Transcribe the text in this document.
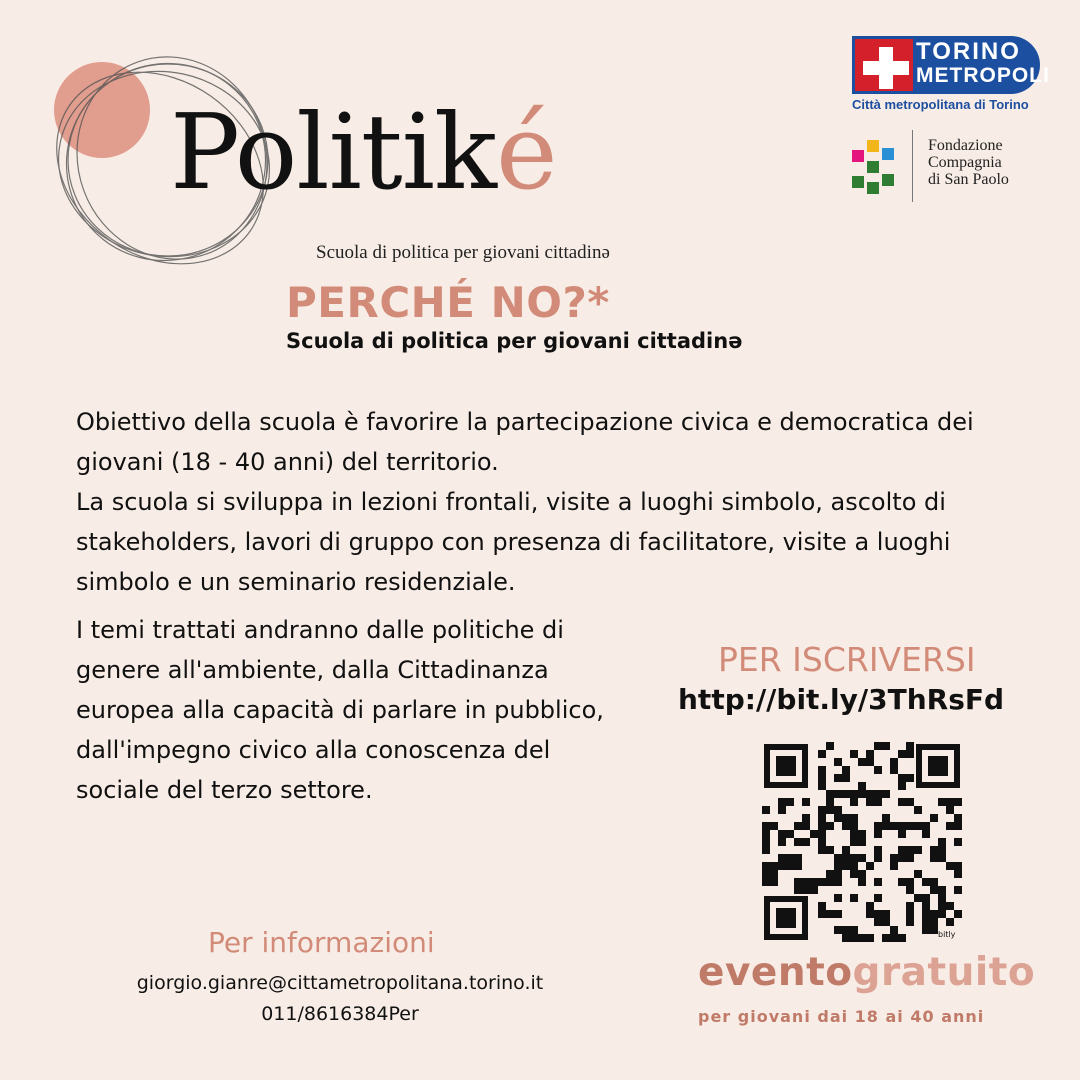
Politiké
Scuola di politica per giovani cittadinə
PERCHÉ NO?*
Scuola di politica per giovani cittadinə
TORINO
METROPOLI
Città metropolitana di Torino
Fondazione
Compagnia
di San Paolo

Obiettivo della scuola è favorire la partecipazione civica e democratica dei giovani (18 - 40 anni) del territorio.

La scuola si sviluppa in lezioni frontali, visite a luoghi simbolo, ascolto di stakeholders, lavori di gruppo con presenza di facilitatore, visite a luoghi simbolo e un seminario residenziale.

I temi trattati andranno dalle politiche di genere all'ambiente, dalla Cittadinanza europea alla capacità di parlare in pubblico, dall'impegno civico alla conoscenza del sociale del terzo settore.

PER ISCRIVERSI
http://bit.ly/3ThRsFd
bitly
Per informazioni
giorgio.gianre@cittametropolitana.torino.it
011/8616384Per
eventogratuito
per giovani dai 18 ai 40 anni
